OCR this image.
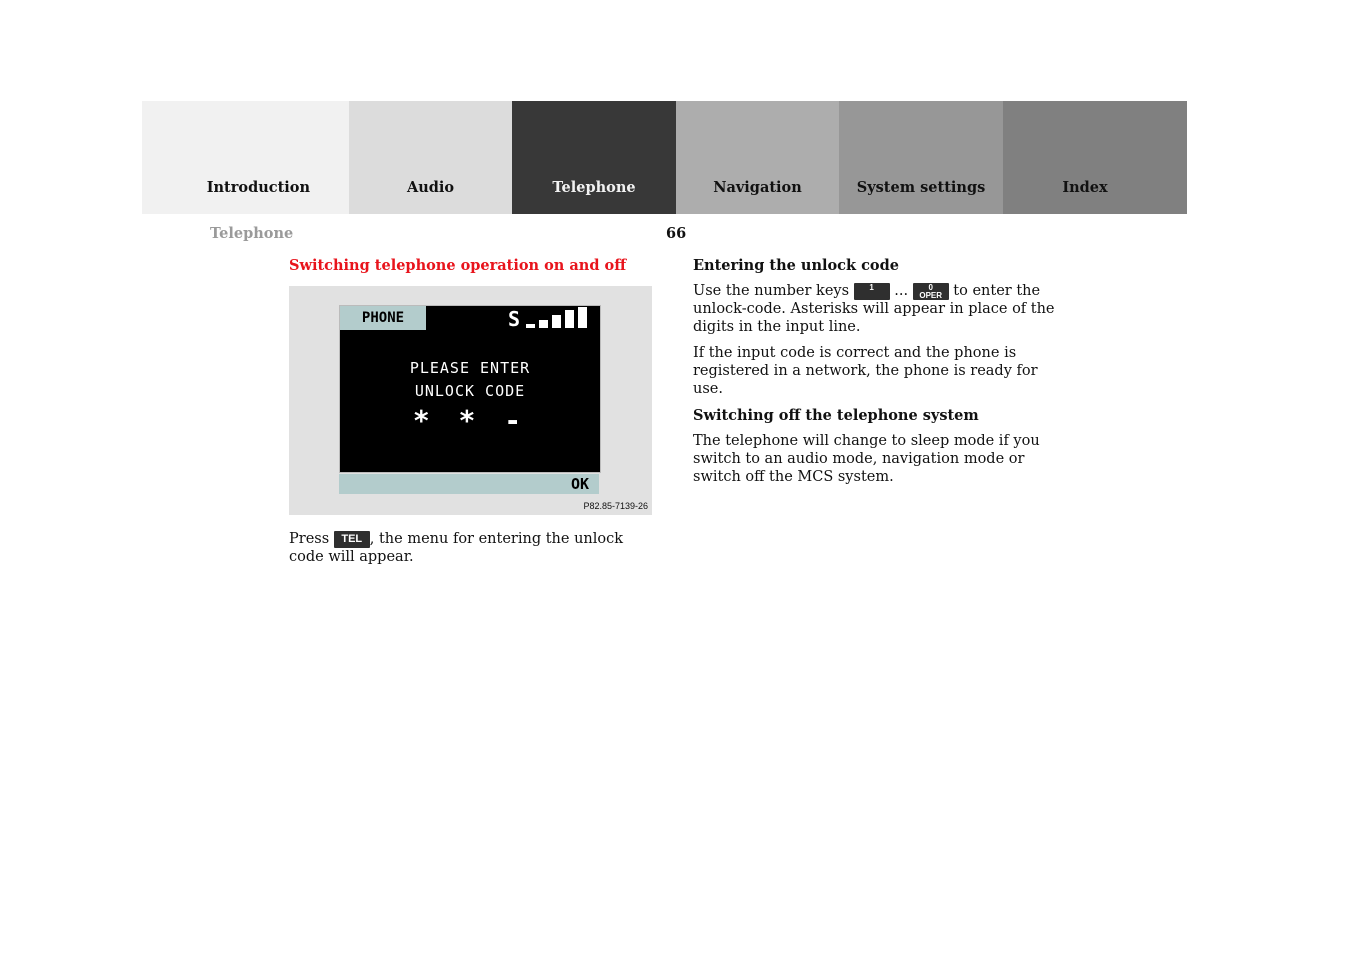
Introduction	Audio	Telephone	Navigation	System settings	Index
Telephone	66
Switching telephone operation on and off
PHONE	S
PLEASE ENTER
UNLOCK CODE
* * -
OK
P82.85-7139-26
Press TEL , the menu for entering the unlock code will appear.
Entering the unlock code
Use the number keys 1 ...	0
OPER to enter the unlock-code. Asterisks will appear in place of the digits in the input line.
If the input code is correct and the phone is registered in a network, the phone is ready for use.
Switching off the telephone system
The telephone will change to sleep mode if you switch to an audio mode, navigation mode or switch off the MCS system.
